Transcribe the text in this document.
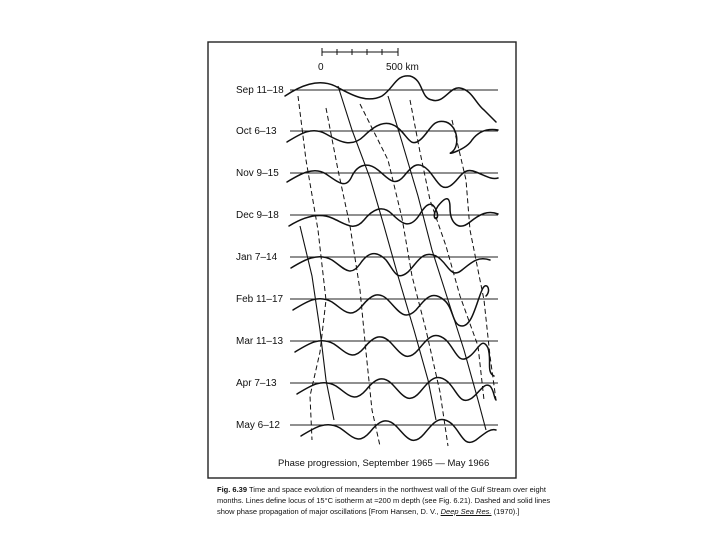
0	500 km
Sep 11–18
Oct 6–13
Nov 9–15
Dec 9–18
Jan 7–14
Feb 11–17
Mar 11–13
Apr 7–13
May 6–12
Phase progression, September 1965 — May 1966
Fig. 6.39 Time and space evolution of meanders in the northwest wall of the Gulf Stream over eight months. Lines define locus of 15°C isotherm at ≈200 m depth (see Fig. 6.21). Dashed and solid lines show phase propagation of major oscillations [From Hansen, D. V., Deep Sea Res. (1970).]
